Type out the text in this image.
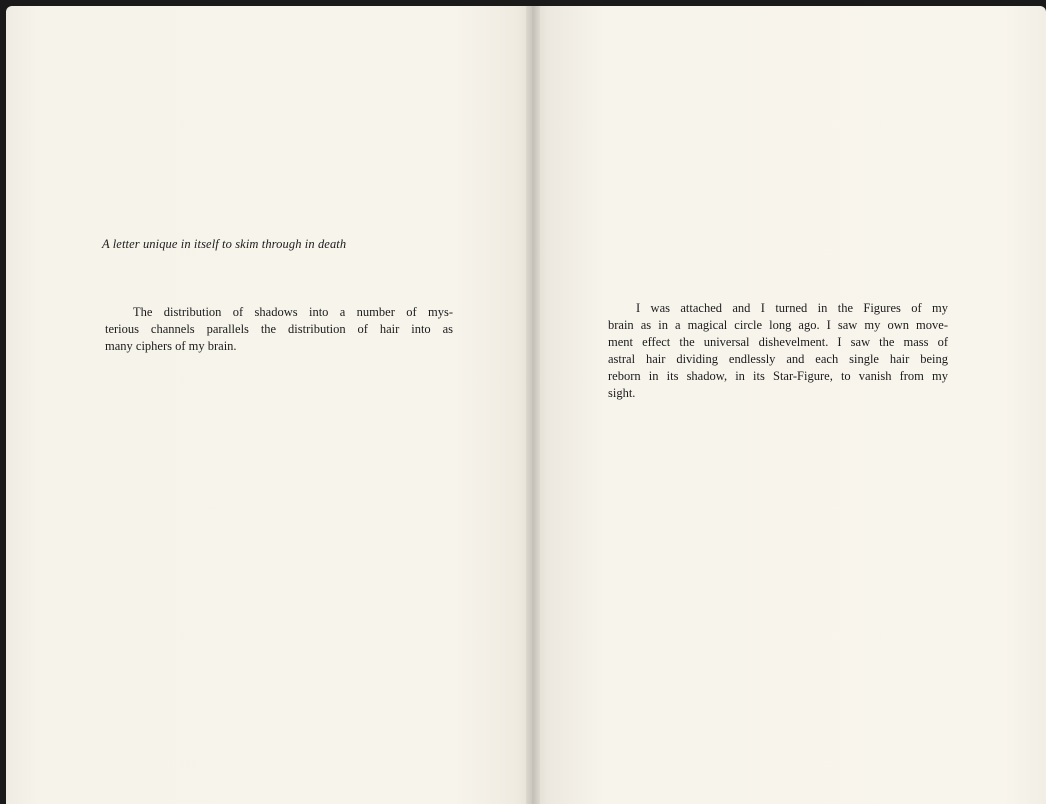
A letter unique in itself to skim through in death

The distribution of shadows into a number of mys-
terious channels parallels the distribution of hair into as
many ciphers of my brain.

I was attached and I turned in the Figures of my
brain as in a magical circle long ago. I saw my own move-
ment effect the universal dishevelment. I saw the mass of
astral hair dividing endlessly and each single hair being
reborn in its shadow, in its Star-Figure, to vanish from my
sight.
